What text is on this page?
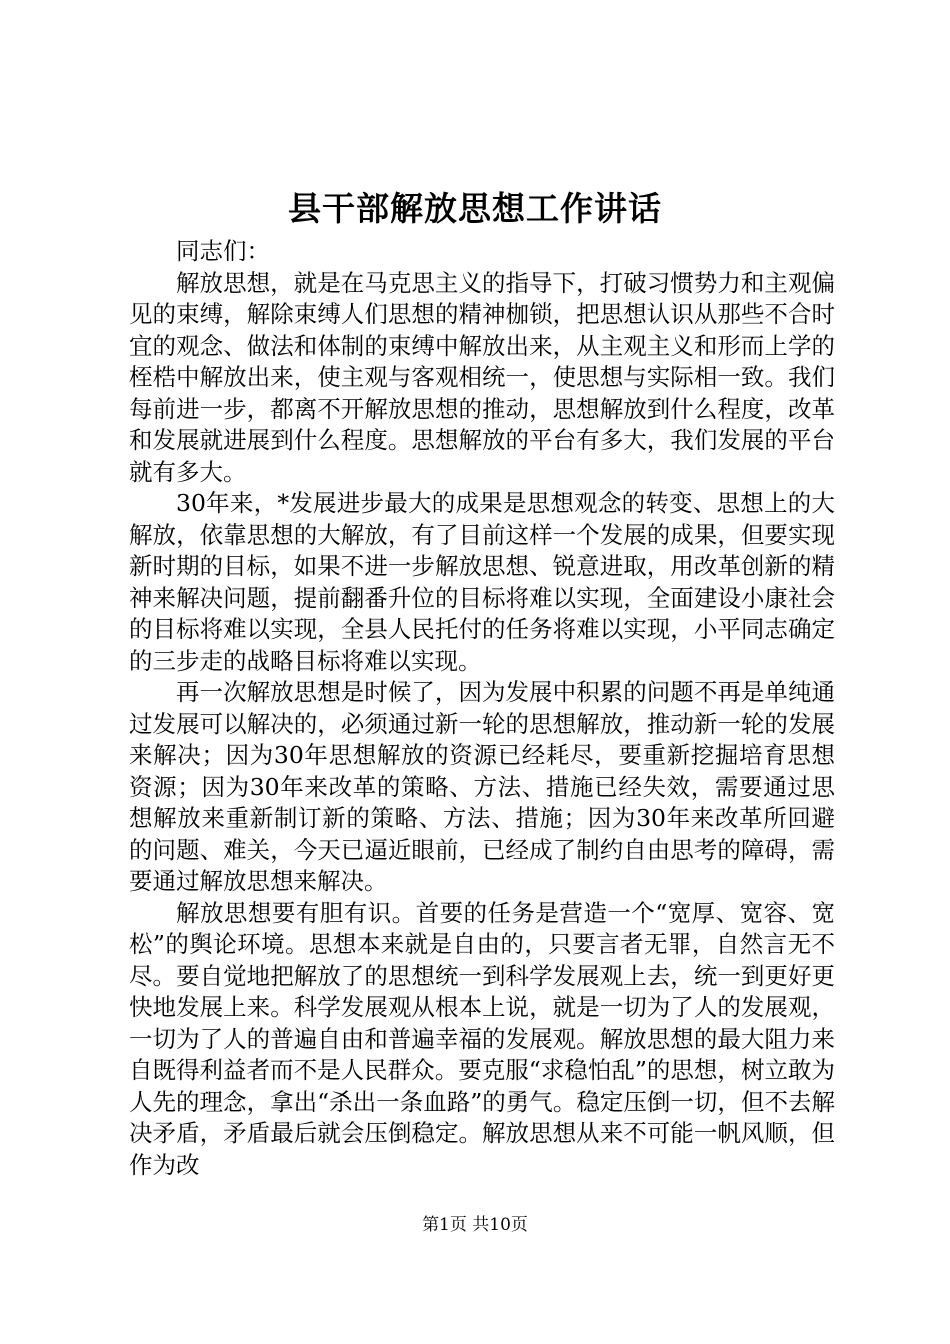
县干部解放思想工作讲话

同志们：

解放思想，就是在马克思主义的指导下，打破习惯势力和主观偏见的束缚，解除束缚人们思想的精神枷锁，把思想认识从那些不合时宜的观念、做法和体制的束缚中解放出来，从主观主义和形而上学的桎梏中解放出来，使主观与客观相统一，使思想与实际相一致。我们每前进一步，都离不开解放思想的推动，思想解放到什么程度，改革和发展就进展到什么程度。思想解放的平台有多大，我们发展的平台就有多大。

30年来，*发展进步最大的成果是思想观念的转变、思想上的大解放，依靠思想的大解放，有了目前这样一个发展的成果，但要实现新时期的目标，如果不进一步解放思想、锐意进取，用改革创新的精神来解决问题，提前翻番升位的目标将难以实现，全面建设小康社会的目标将难以实现，全县人民托付的任务将难以实现，小平同志确定的三步走的战略目标将难以实现。

再一次解放思想是时候了，因为发展中积累的问题不再是单纯通过发展可以解决的，必须通过新一轮的思想解放，推动新一轮的发展来解决；因为30年思想解放的资源已经耗尽，要重新挖掘培育思想资源；因为30年来改革的策略、方法、措施已经失效，需要通过思想解放来重新制订新的策略、方法、措施；因为30年来改革所回避的问题、难关，今天已逼近眼前，已经成了制约自由思考的障碍，需要通过解放思想来解决。

解放思想要有胆有识。首要的任务是营造一个“宽厚、宽容、宽松”的舆论环境。思想本来就是自由的，只要言者无罪，自然言无不尽。要自觉地把解放了的思想统一到科学发展观上去，统一到更好更快地发展上来。科学发展观从根本上说，就是一切为了人的发展观，一切为了人的普遍自由和普遍幸福的发展观。解放思想的最大阻力来自既得利益者而不是人民群众。要克服“求稳怕乱”的思想，树立敢为人先的理念，拿出“杀出一条血路”的勇气。稳定压倒一切，但不去解决矛盾，矛盾最后就会压倒稳定。解放思想从来不可能一帆风顺，但作为改

第1页 共10页
